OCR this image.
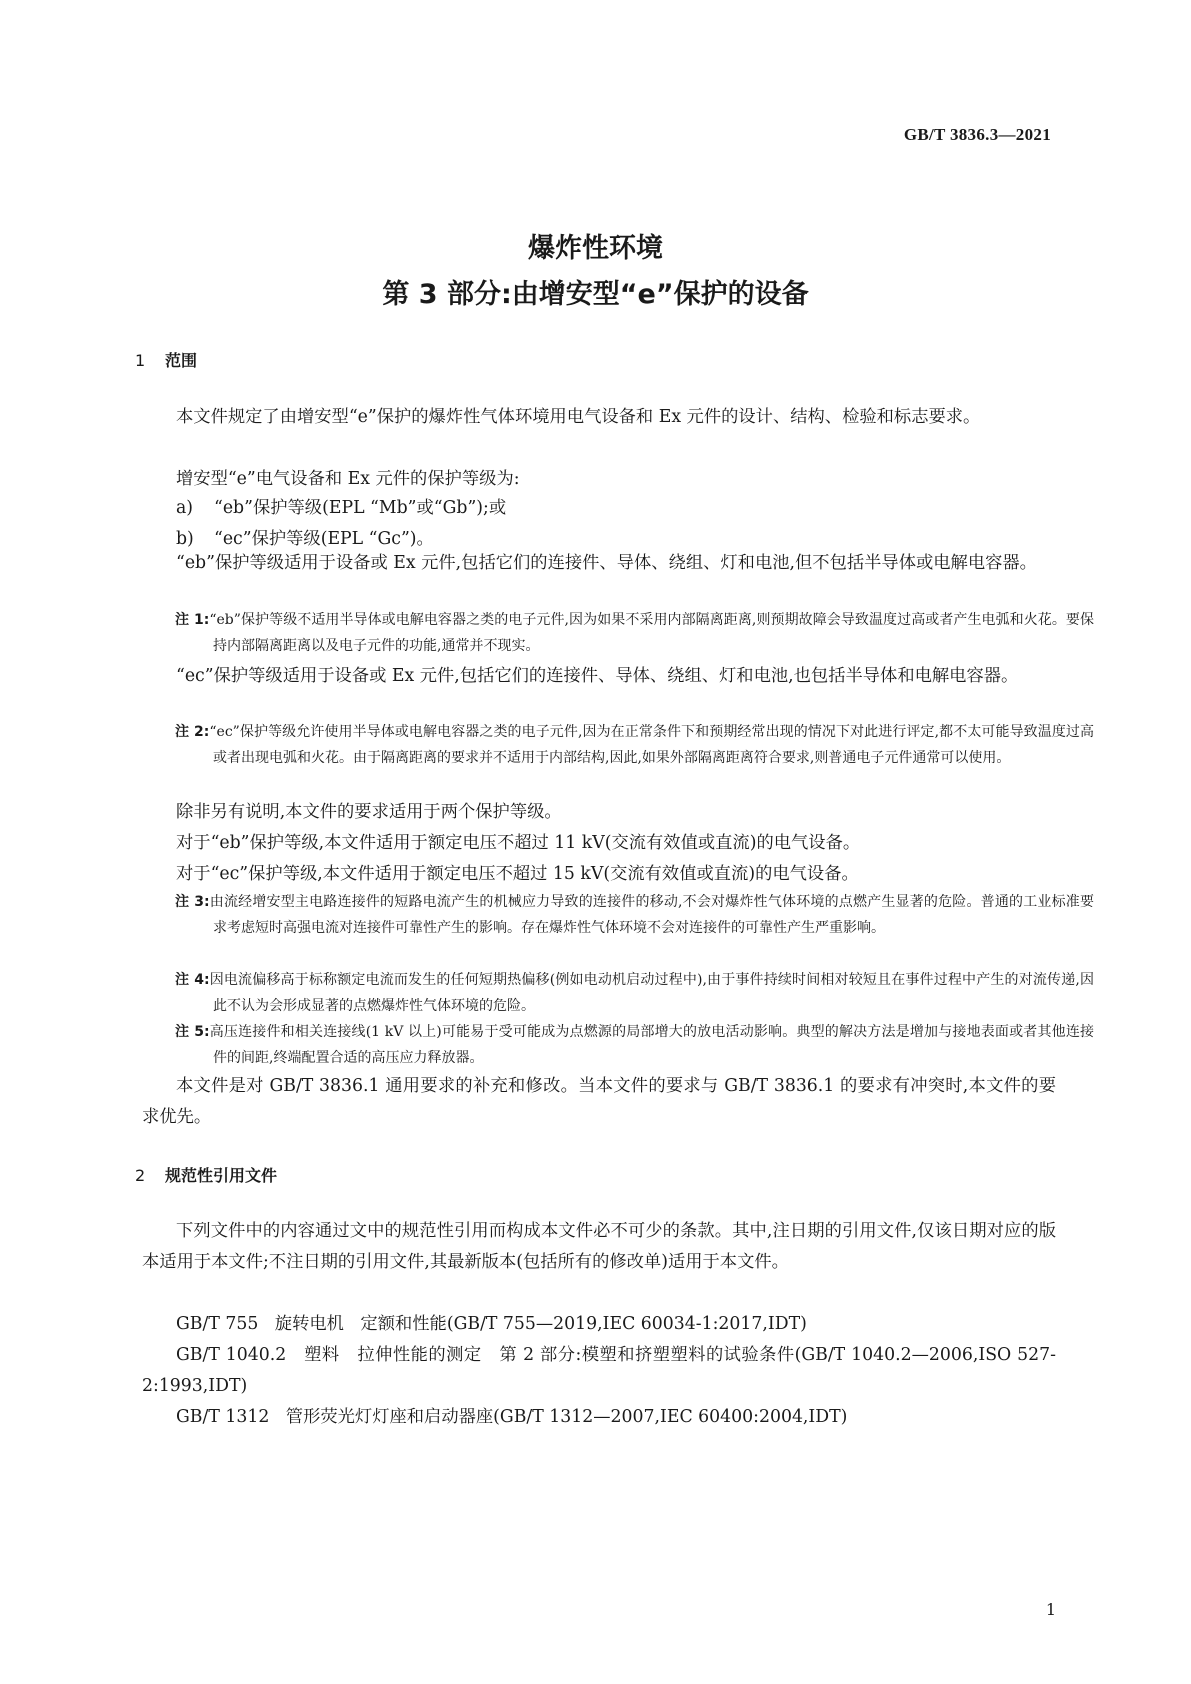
GB/T 3836.3—2021
爆炸性环境
第 3 部分:由增安型“e”保护的设备
1 范围
本文件规定了由增安型“e”保护的爆炸性气体环境用电气设备和 Ex 元件的设计、结构、检验和标志要求。
增安型“e”电气设备和 Ex 元件的保护等级为:
a) “eb”保护等级(EPL “Mb”或“Gb”);或
b) “ec”保护等级(EPL “Gc”)。
“eb”保护等级适用于设备或 Ex 元件,包括它们的连接件、导体、绕组、灯和电池,但不包括半导体或电解电容器。
注 1:“eb”保护等级不适用半导体或电解电容器之类的电子元件,因为如果不采用内部隔离距离,则预期故障会导致温度过高或者产生电弧和火花。要保持内部隔离距离以及电子元件的功能,通常并不现实。
“ec”保护等级适用于设备或 Ex 元件,包括它们的连接件、导体、绕组、灯和电池,也包括半导体和电解电容器。
注 2:“ec”保护等级允许使用半导体或电解电容器之类的电子元件,因为在正常条件下和预期经常出现的情况下对此进行评定,都不太可能导致温度过高或者出现电弧和火花。由于隔离距离的要求并不适用于内部结构,因此,如果外部隔离距离符合要求,则普通电子元件通常可以使用。
除非另有说明,本文件的要求适用于两个保护等级。
对于“eb”保护等级,本文件适用于额定电压不超过 11 kV(交流有效值或直流)的电气设备。
对于“ec”保护等级,本文件适用于额定电压不超过 15 kV(交流有效值或直流)的电气设备。
注 3:由流经增安型主电路连接件的短路电流产生的机械应力导致的连接件的移动,不会对爆炸性气体环境的点燃产生显著的危险。普通的工业标准要求考虑短时高强电流对连接件可靠性产生的影响。存在爆炸性气体环境不会对连接件的可靠性产生严重影响。
注 4:因电流偏移高于标称额定电流而发生的任何短期热偏移(例如电动机启动过程中),由于事件持续时间相对较短且在事件过程中产生的对流传递,因此不认为会形成显著的点燃爆炸性气体环境的危险。
注 5:高压连接件和相关连接线(1 kV 以上)可能易于受可能成为点燃源的局部增大的放电活动影响。典型的解决方法是增加与接地表面或者其他连接件的间距,终端配置合适的高压应力释放器。
本文件是对 GB/T 3836.1 通用要求的补充和修改。当本文件的要求与 GB/T 3836.1 的要求有冲突时,本文件的要求优先。
2 规范性引用文件
下列文件中的内容通过文中的规范性引用而构成本文件必不可少的条款。其中,注日期的引用文件,仅该日期对应的版本适用于本文件;不注日期的引用文件,其最新版本(包括所有的修改单)适用于本文件。
GB/T 755   旋转电机   定额和性能(GB/T 755—2019,IEC 60034-1:2017,IDT)
GB/T 1040.2   塑料   拉伸性能的测定   第 2 部分:模塑和挤塑塑料的试验条件(GB/T 1040.2—2006,ISO 527-2:1993,IDT)
GB/T 1312   管形荧光灯灯座和启动器座(GB/T 1312—2007,IEC 60400:2004,IDT)
1
